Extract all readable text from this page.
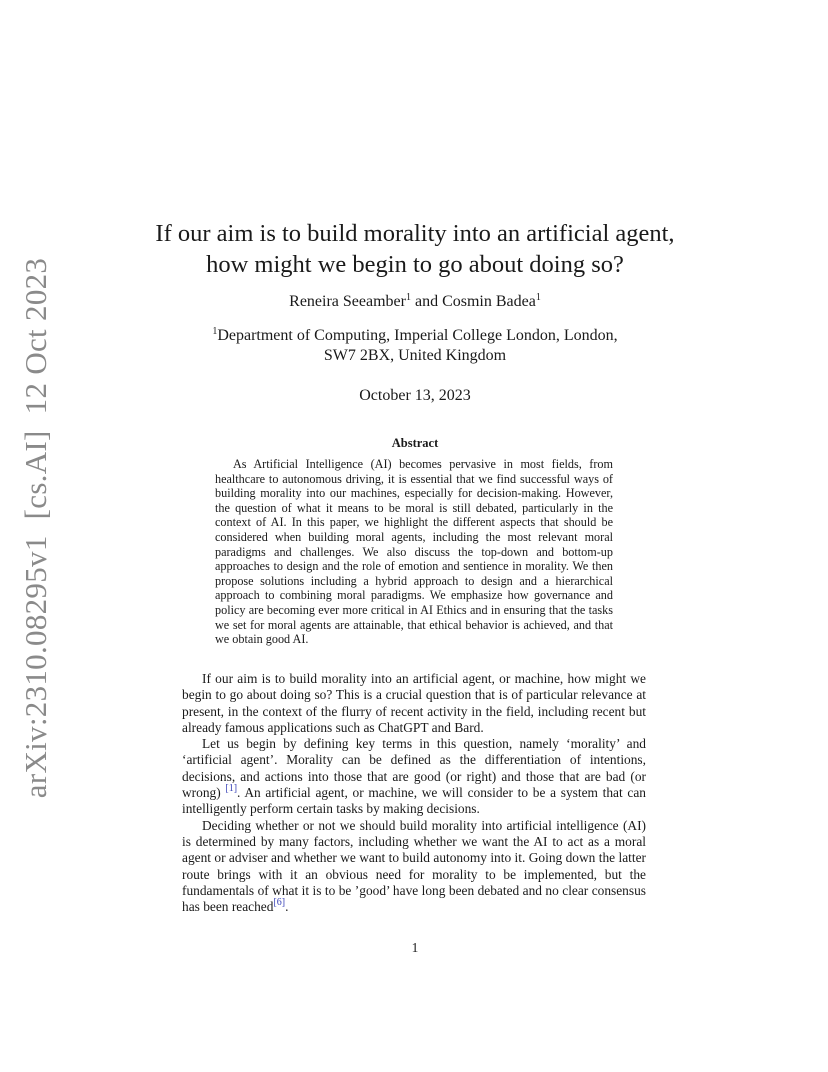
arXiv:2310.08295v1[cs.AI]12 Oct 2023
If our aim is to build morality into an artificial agent, how might we begin to go about doing so?
Reneira Seeamber$^1$ and Cosmin Badea$^1$
$^1$Department of Computing, Imperial College London, London,
SW7 2BX, United Kingdom
October 13, 2023
Abstract

As Artificial Intelligence (AI) becomes pervasive in most fields, from healthcare to autonomous driving, it is essential that we find successful ways of building morality into our machines, especially for decision-making. However, the question of what it means to be moral is still debated, particularly in the context of AI. In this paper, we highlight the different aspects that should be considered when building moral agents, including the most relevant moral paradigms and challenges. We also discuss the top-down and bottom-up approaches to design and the role of emotion and sentience in morality. We then propose solutions including a hybrid approach to design and a hierarchical approach to combining moral paradigms. We emphasize how governance and policy are becoming ever more critical in AI Ethics and in ensuring that the tasks we set for moral agents are attainable, that ethical behavior is achieved, and that we obtain good AI.

If our aim is to build morality into an artificial agent, or machine, how might we begin to go about doing so? This is a crucial question that is of particular relevance at present, in the context of the flurry of recent activity in the field, including recent but already famous applications such as ChatGPT and Bard.

Let us begin by defining key terms in this question, namely ‘morality’ and ‘artificial agent’. Morality can be defined as the differentiation of intentions, decisions, and actions into those that are good (or right) and those that are bad (or wrong) [1]. An artificial agent, or machine, we will consider to be a system that can intelligently perform certain tasks by making decisions.

Deciding whether or not we should build morality into artificial intelligence (AI) is determined by many factors, including whether we want the AI to act as a moral agent or adviser and whether we want to build autonomy into it. Going down the latter route brings with it an obvious need for morality to be implemented, but the fundamentals of what it is to be ’good’ have long been debated and no clear consensus has been reached[6].

1
